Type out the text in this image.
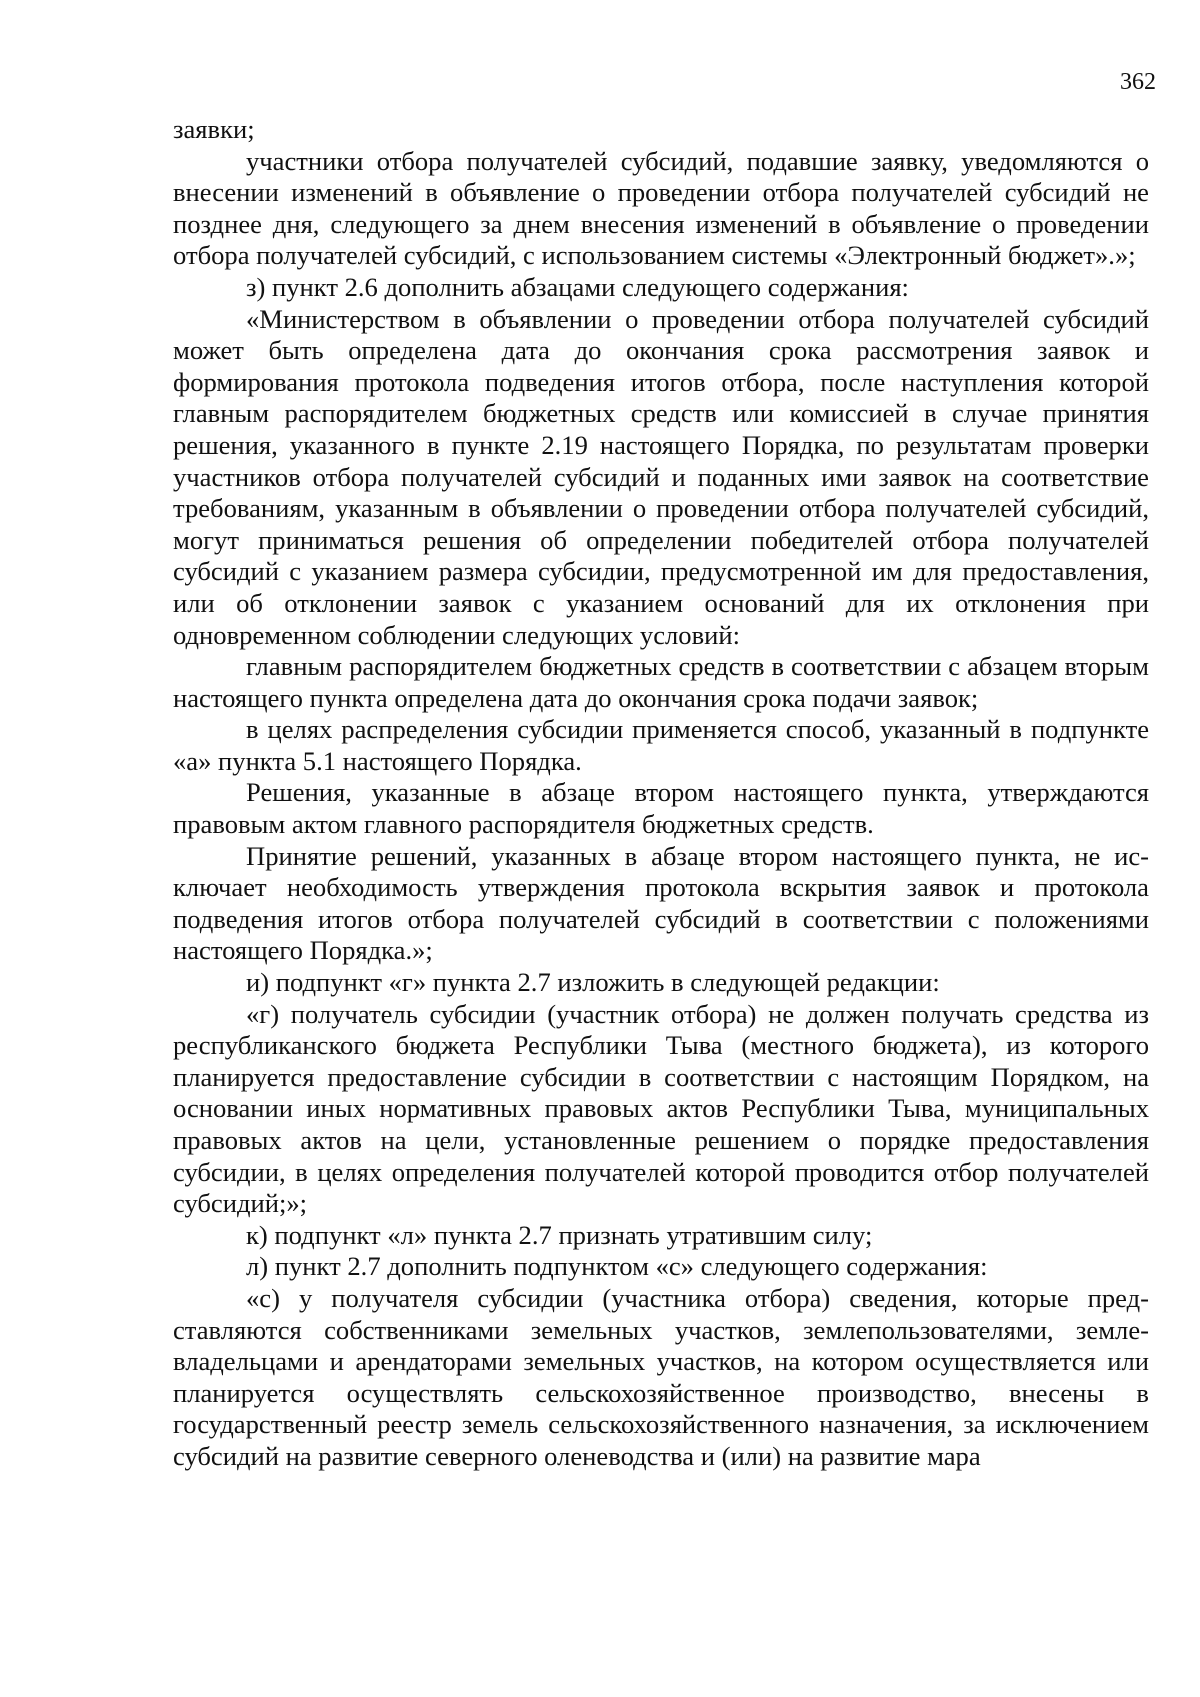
362

заявки;

участники отбора получателей субсидий, подавшие заявку, уведомляются о внесении изменений в объявление о проведении отбора получателей субсидий не позднее дня, следующего за днем внесения изменений в объявление о проведении отбора получателей субсидий, с использованием системы «Электронный бюджет».»;

з) пункт 2.6 дополнить абзацами следующего содержания:

«Министерством в объявлении о проведении отбора получателей субсидий может быть определена дата до окончания срока рассмотрения заявок и формирования протокола подведения итогов отбора, после наступления которой главным распорядителем бюджетных средств или комиссией в случае принятия решения, указанного в пункте 2.19 настоящего Порядка, по результатам проверки участников отбора получателей субсидий и поданных ими заявок на соответствие требованиям, указанным в объявлении о проведении отбора получателей субсидий, могут приниматься решения об определении победителей отбора получателей субсидий с указанием размера субсидии, предусмотренной им для предоставления, или об отклонении заявок с указанием оснований для их отклонения при одновременном соблюдении следующих условий:

главным распорядителем бюджетных средств в соответствии с абзацем вторым настоящего пункта определена дата до окончания срока подачи заявок;

в целях распределения субсидии применяется способ, указанный в подпункте «а» пункта 5.1 настоящего Порядка.

Решения, указанные в абзаце втором настоящего пункта, утверждаются правовым актом главного распорядителя бюджетных средств.

Принятие решений, указанных в абзаце втором настоящего пункта, не исключает необходимость утверждения протокола вскрытия заявок и протокола подведения итогов отбора получателей субсидий в соответствии с положениями настоящего Порядка.»;

и) подпункт «г» пункта 2.7 изложить в следующей редакции:

«г) получатель субсидии (участник отбора) не должен получать средства из республиканского бюджета Республики Тыва (местного бюджета), из которого планируется предоставление субсидии в соответствии с настоящим Порядком, на основании иных нормативных правовых актов Республики Тыва, муниципальных правовых актов на цели, установленные решением о порядке предоставления субсидии, в целях определения получателей которой проводится отбор получателей субсидий;»;

к) подпункт «л» пункта 2.7 признать утратившим силу;

л) пункт 2.7 дополнить подпунктом «с» следующего содержания:

«с) у получателя субсидии (участника отбора) сведения, которые представляются собственниками земельных участков, землепользователями, землевладельцами и арендаторами земельных участков, на котором осуществляется или планируется осуществлять сельскохозяйственное производство, внесены в государственный реестр земель сельскохозяйственного назначения, за исключением субсидий на развитие северного оленеводства и (или) на развитие мара
